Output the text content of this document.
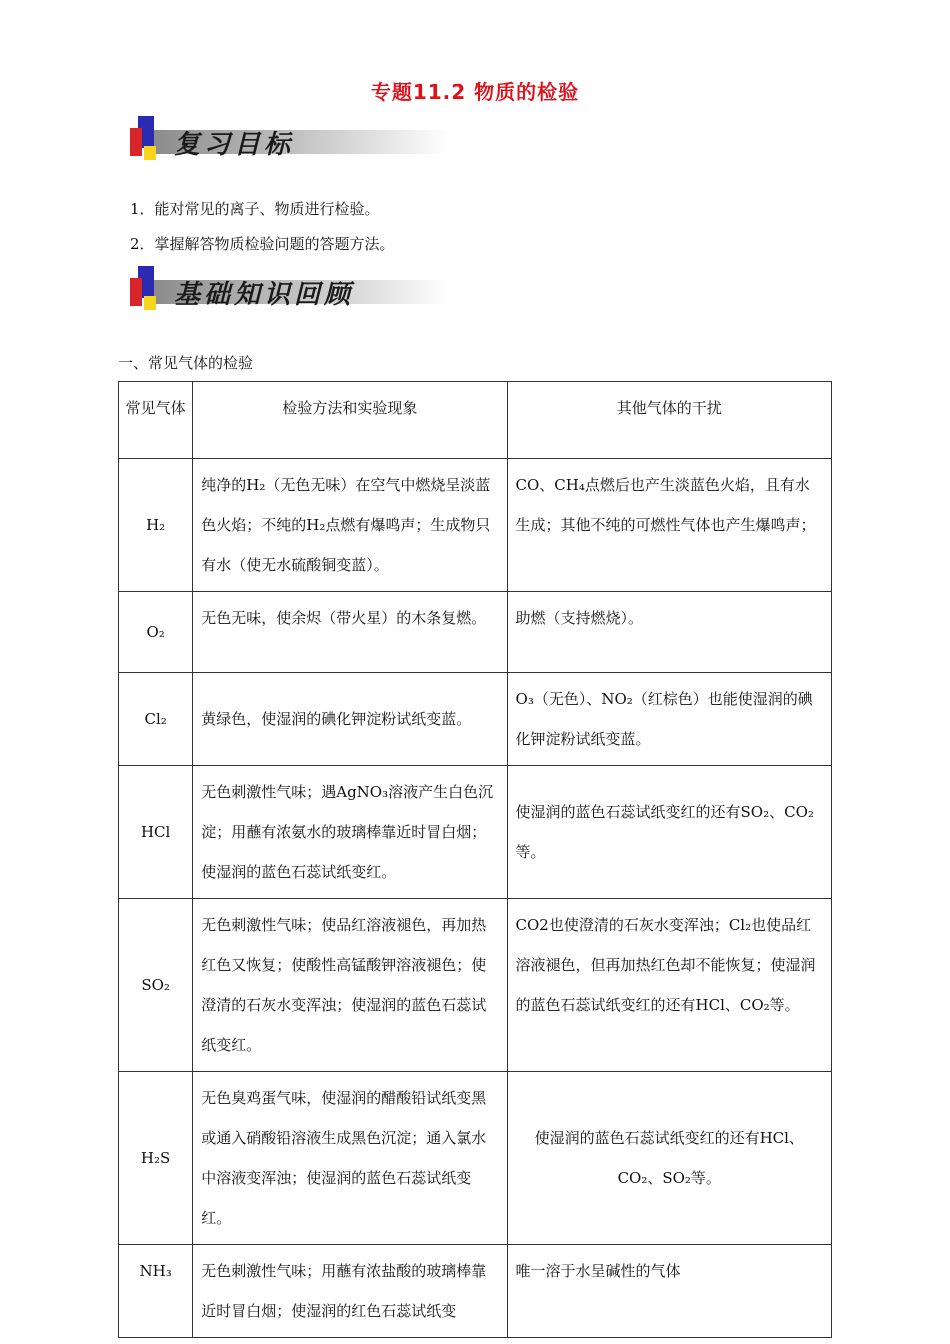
专题11.2 物质的检验
复习目标
1．能对常见的离子、物质进行检验。
2．掌握解答物质检验问题的答题方法。
基础知识回顾
一、常见气体的检验
常见气体	检验方法和实验现象	其他气体的干扰
H₂	纯净的H₂（无色无味）在空气中燃烧呈淡蓝色火焰；不纯的H₂点燃有爆鸣声；生成物只有水（使无水硫酸铜变蓝）。	CO、CH₄点燃后也产生淡蓝色火焰，且有水生成；其他不纯的可燃性气体也产生爆鸣声；
O₂	无色无味，使余烬（带火星）的木条复燃。	助燃（支持燃烧）。
Cl₂	黄绿色，使湿润的碘化钾淀粉试纸变蓝。	O₃（无色）、NO₂（红棕色）也能使湿润的碘化钾淀粉试纸变蓝。
HCl	无色刺激性气味；遇AgNO₃溶液产生白色沉淀；用蘸有浓氨水的玻璃棒靠近时冒白烟；使湿润的蓝色石蕊试纸变红。	使湿润的蓝色石蕊试纸变红的还有SO₂、CO₂等。
SO₂	无色刺激性气味；使品红溶液褪色，再加热红色又恢复；使酸性高锰酸钾溶液褪色；使澄清的石灰水变浑浊；使湿润的蓝色石蕊试纸变红。	CO2也使澄清的石灰水变浑浊；Cl₂也使品红溶液褪色，但再加热红色却不能恢复；使湿润的蓝色石蕊试纸变红的还有HCl、CO₂等。
H₂S	无色臭鸡蛋气味，使湿润的醋酸铅试纸变黑或通入硝酸铅溶液生成黑色沉淀；通入氯水中溶液变浑浊；使湿润的蓝色石蕊试纸变红。	使湿润的蓝色石蕊试纸变红的还有HCl、CO₂、SO₂等。
NH₃	无色刺激性气味；用蘸有浓盐酸的玻璃棒靠近时冒白烟；使湿润的红色石蕊试纸变	唯一溶于水呈碱性的气体
